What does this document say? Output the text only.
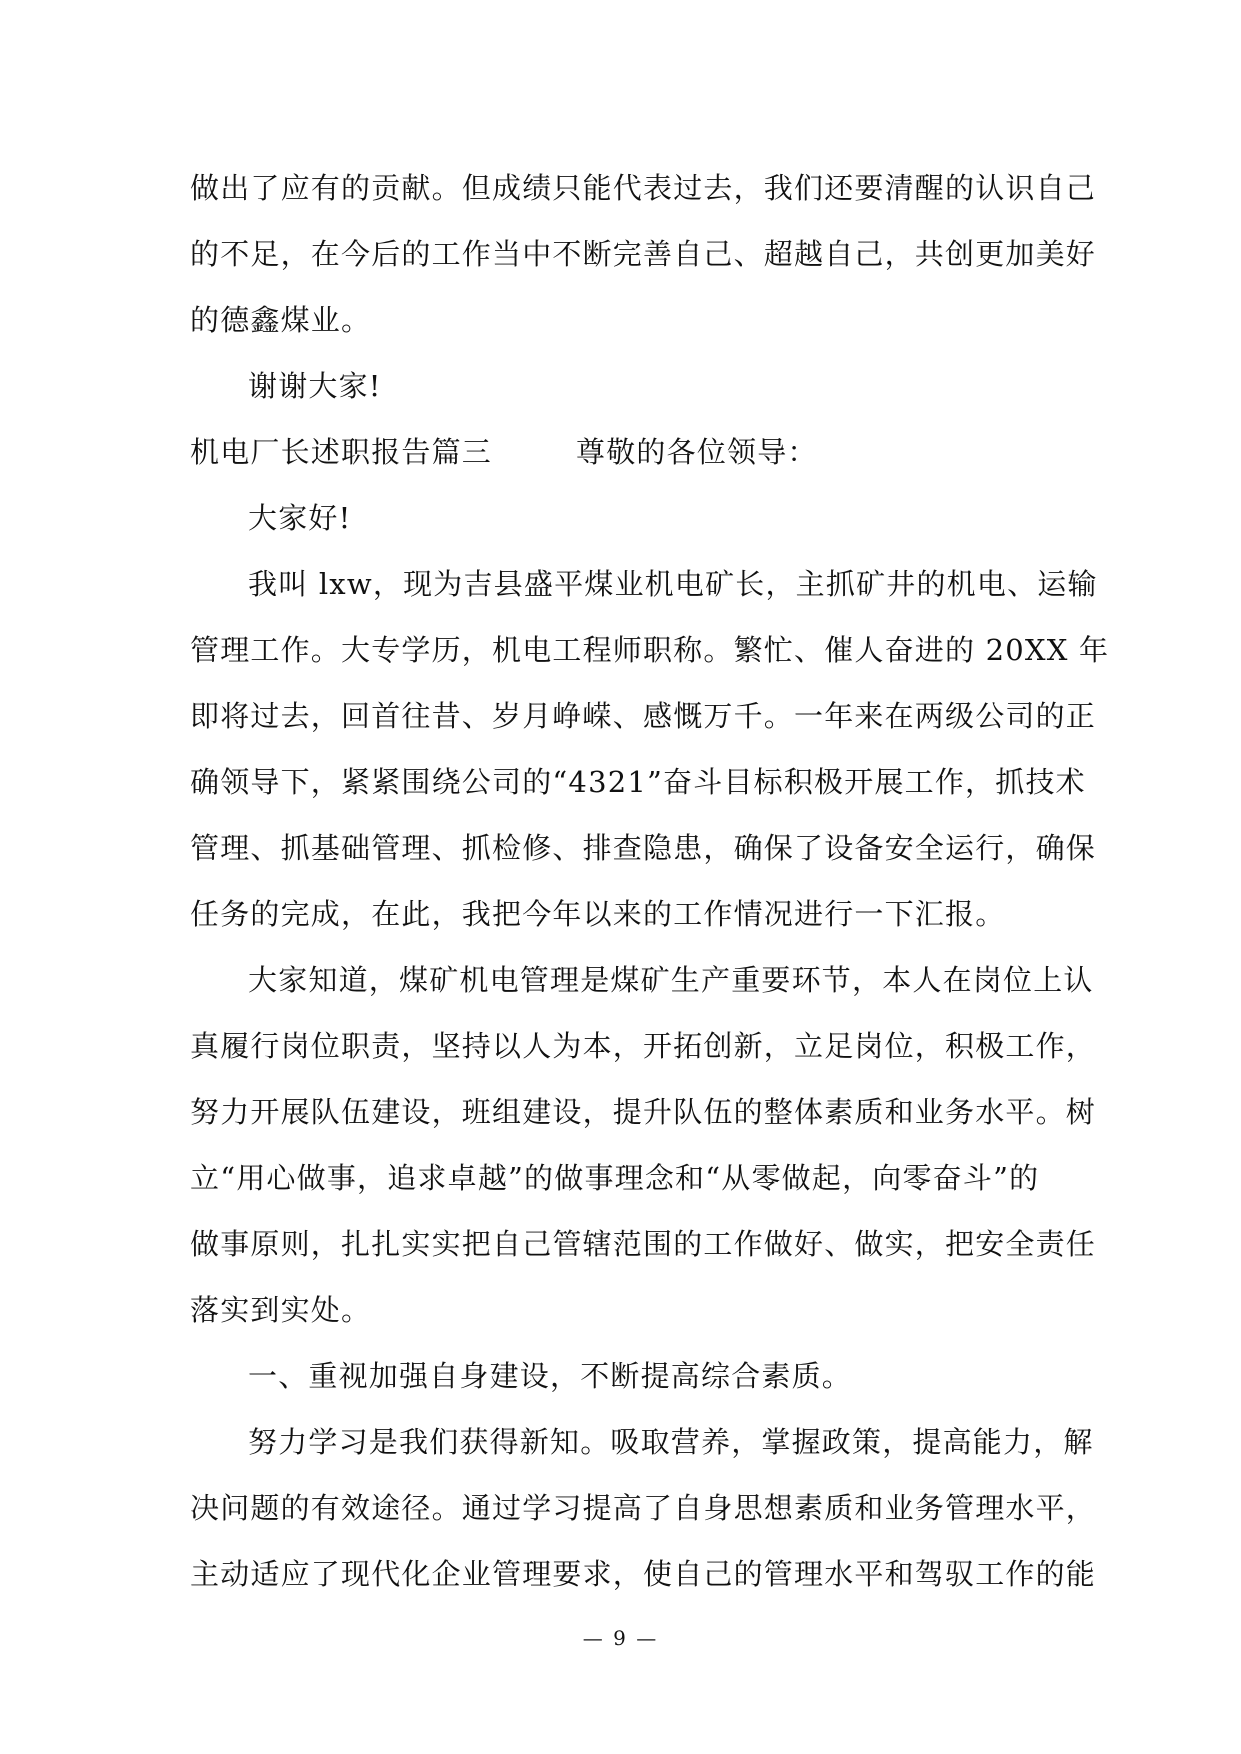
做出了应有的贡献。但成绩只能代表过去，我们还要清醒的认识自己
的不足，在今后的工作当中不断完善自己、超越自己，共创更加美好
的德鑫煤业。
谢谢大家!
机电厂长述职报告篇三	尊敬的各位领导：
大家好!
我叫 lxw，现为吉县盛平煤业机电矿长，主抓矿井的机电、运输
管理工作。大专学历，机电工程师职称。繁忙、催人奋进的 20XX 年
即将过去，回首往昔、岁月峥嵘、感慨万千。一年来在两级公司的正
确领导下，紧紧围绕公司的“4321”奋斗目标积极开展工作，抓技术
管理、抓基础管理、抓检修、排查隐患，确保了设备安全运行，确保
任务的完成，在此，我把今年以来的工作情况进行一下汇报。
大家知道，煤矿机电管理是煤矿生产重要环节，本人在岗位上认
真履行岗位职责，坚持以人为本，开拓创新，立足岗位，积极工作，
努力开展队伍建设，班组建设，提升队伍的整体素质和业务水平。树
立“用心做事，追求卓越”的做事理念和“从零做起，向零奋斗”的
做事原则，扎扎实实把自己管辖范围的工作做好、做实，把安全责任
落实到实处。
一、重视加强自身建设，不断提高综合素质。
努力学习是我们获得新知。吸取营养，掌握政策，提高能力，解
决问题的有效途径。通过学习提高了自身思想素质和业务管理水平，
主动适应了现代化企业管理要求，使自己的管理水平和驾驭工作的能
— 9 —
